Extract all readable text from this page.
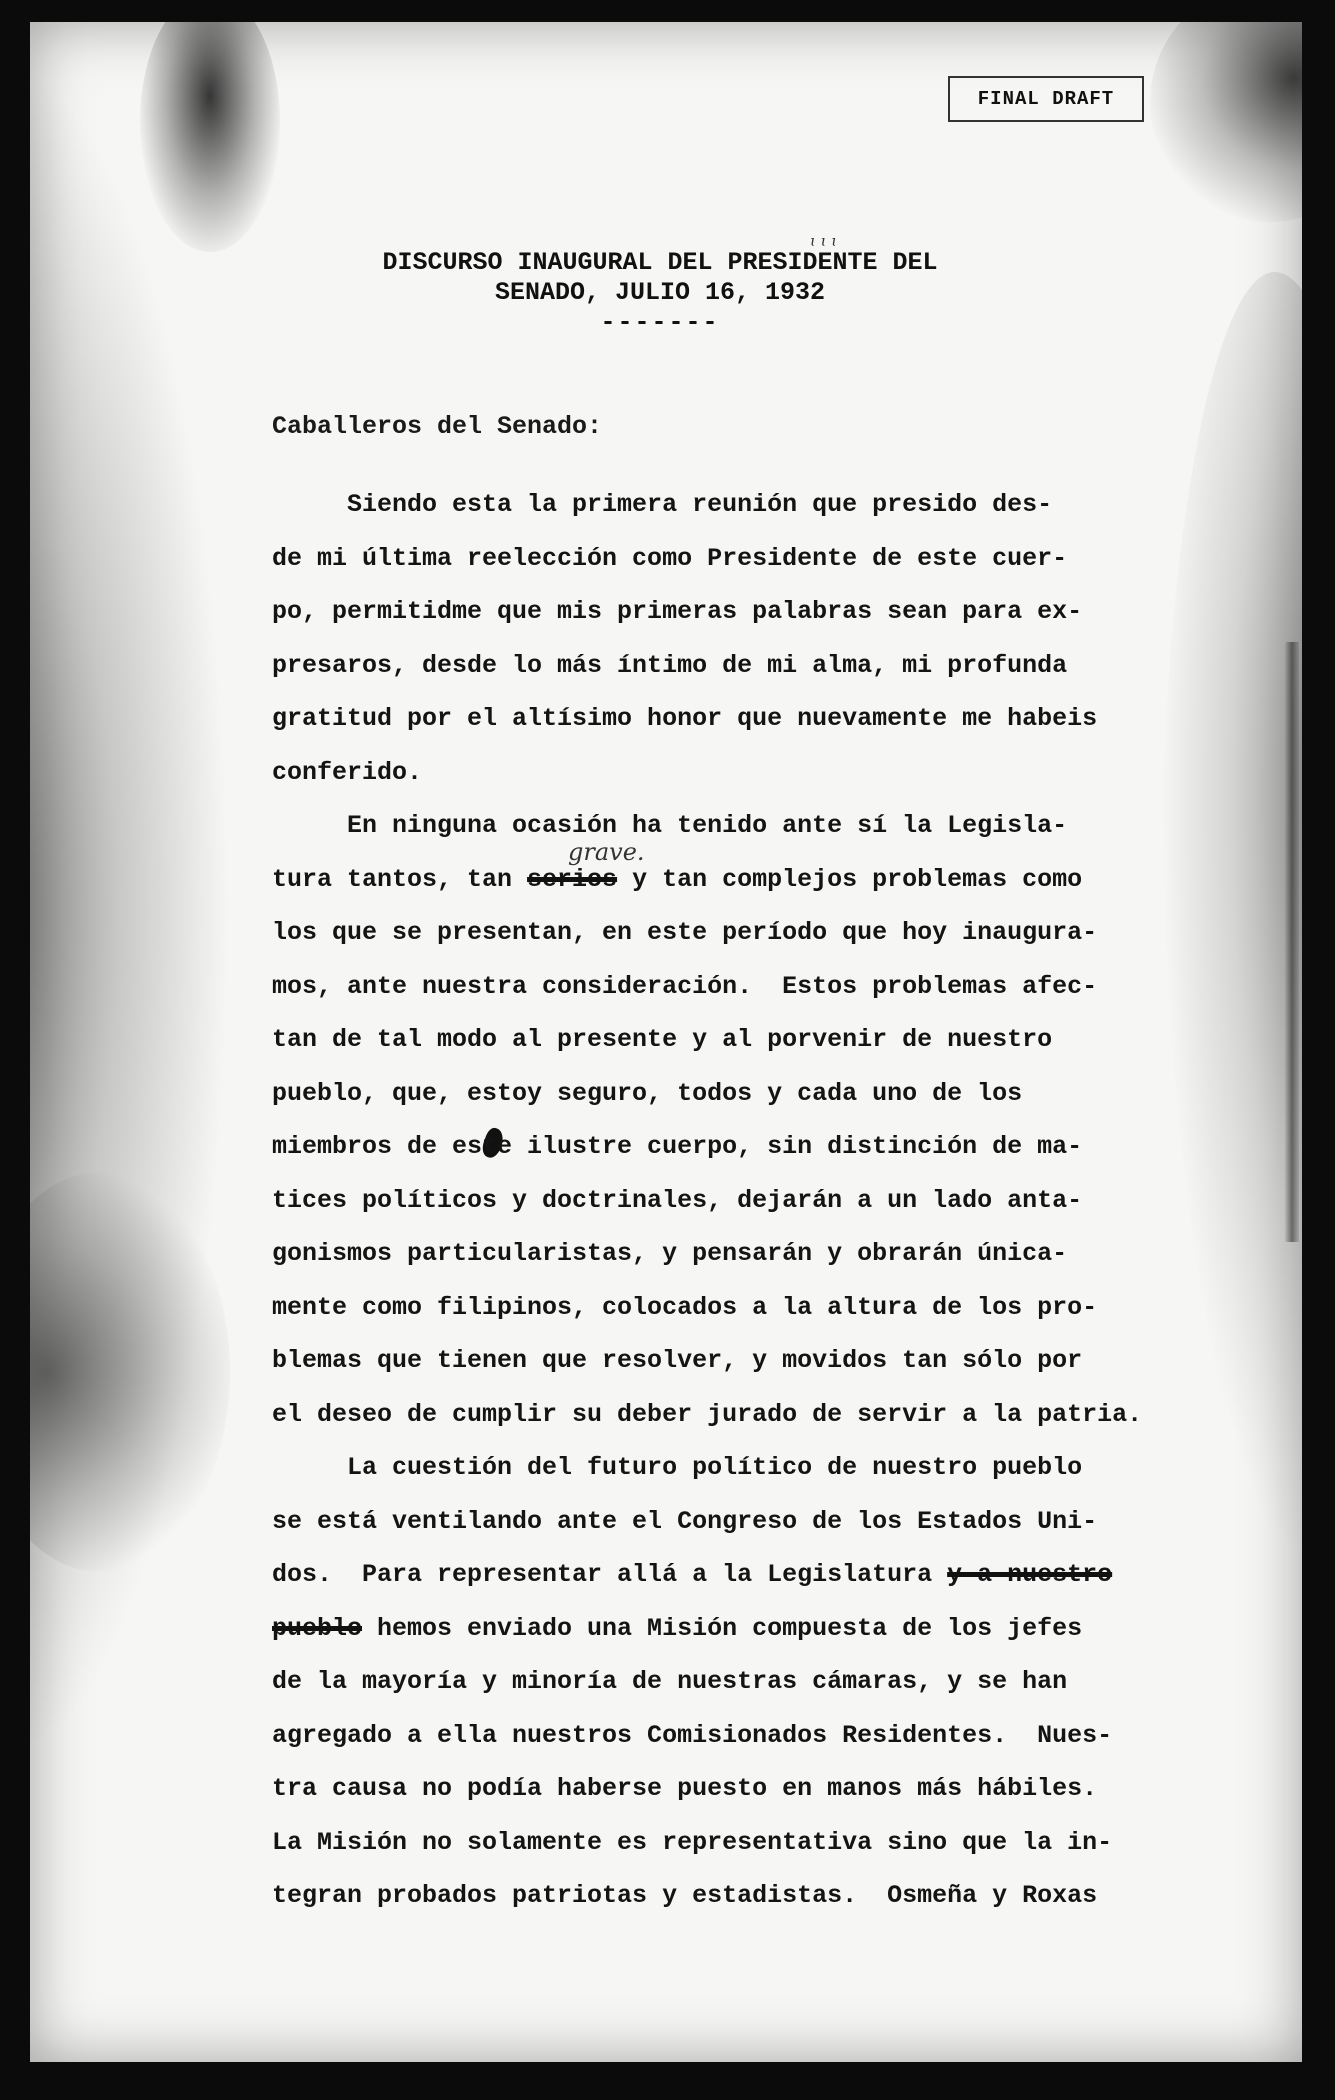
FINAL DRAFT
ɩ ɩ ɩ
DISCURSO INAUGURAL DEL PRESIDENTE DEL
SENADO, JULIO 16, 1932
-------
Caballeros del Senado:
grave.
Siendo esta la primera reunión que presido des-
de mi última reelección como Presidente de este cuer-
po, permitidme que mis primeras palabras sean para ex-
presaros, desde lo más íntimo de mi alma, mi profunda
gratitud por el altísimo honor que nuevamente me habeis
conferido.
En ninguna ocasión ha tenido ante sí la Legisla-
tura tantos, tan serios y tan complejos problemas como
los que se presentan, en este período que hoy inaugura-
mos, ante nuestra consideración.  Estos problemas afec-
tan de tal modo al presente y al porvenir de nuestro
pueblo, que, estoy seguro, todos y cada uno de los
miembros de este ilustre cuerpo, sin distinción de ma-
tices políticos y doctrinales, dejarán a un lado anta-
gonismos particularistas, y pensarán y obrarán única-
mente como filipinos, colocados a la altura de los pro-
blemas que tienen que resolver, y movidos tan sólo por
el deseo de cumplir su deber jurado de servir a la patria.
La cuestión del futuro político de nuestro pueblo
se está ventilando ante el Congreso de los Estados Uni-
dos.  Para representar allá a la Legislatura y a nuestro
pueblo hemos enviado una Misión compuesta de los jefes
de la mayoría y minoría de nuestras cámaras, y se han
agregado a ella nuestros Comisionados Residentes.  Nues-
tra causa no podía haberse puesto en manos más hábiles.
La Misión no solamente es representativa sino que la in-
tegran probados patriotas y estadistas.  Osmeña y Roxas
